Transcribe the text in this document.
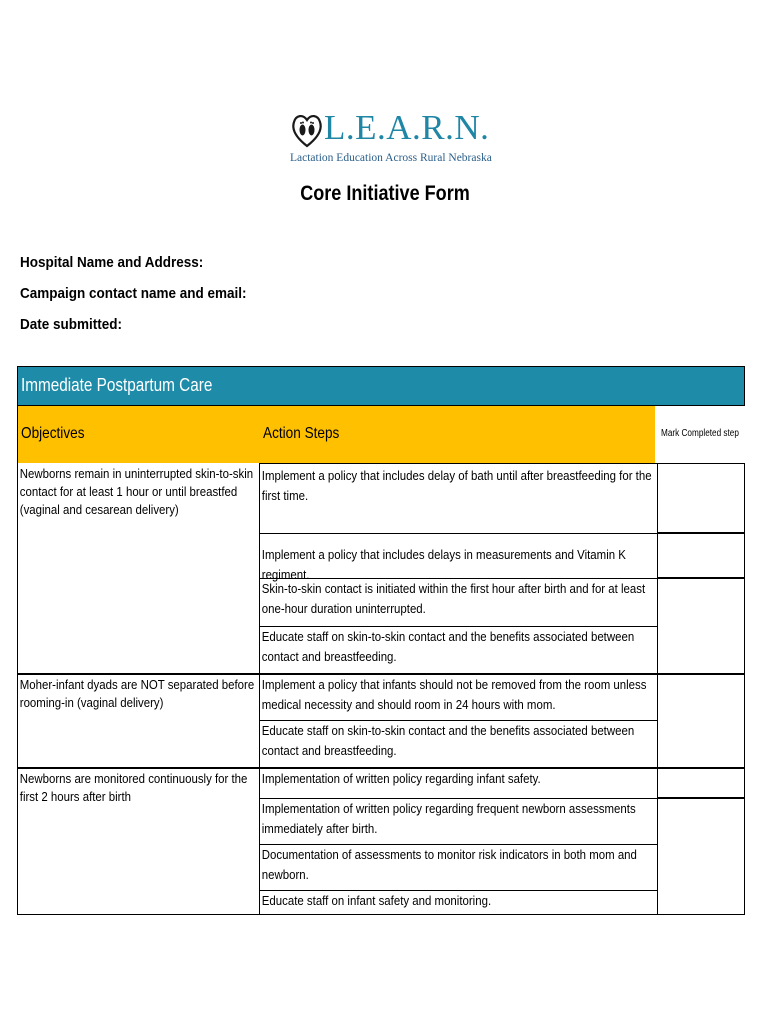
L.E.A.R.N.
Lactation Education Across Rural Nebraska
Core Initiative Form
Hospital Name and Address:
Campaign contact name and email:
Date submitted:
Immediate Postpartum Care
Objectives	Action Steps	Mark Completed step
Newborns remain in uninterrupted skin-to-skin contact for at least 1 hour or until breastfed (vaginal and cesarean delivery)
Moher-infant dyads are NOT separated before rooming-in (vaginal delivery)
Newborns are monitored continuously for the first 2 hours after birth
Implement a policy that includes delay of bath until after breastfeeding for the first time.
Implement a policy that includes delays in measurements and Vitamin K regiment.
Skin-to-skin contact is initiated within the first hour after birth and for at least one-hour duration uninterrupted.
Educate staff on skin-to-skin contact and the benefits associated between contact and breastfeeding.
Implement a policy that infants should not be removed from the room unless medical necessity and should room in 24 hours with mom.
Educate staff on skin-to-skin contact and the benefits associated between contact and breastfeeding.
Implementation of written policy regarding infant safety.
Implementation of written policy regarding frequent newborn assessments immediately after birth.
Documentation of assessments to monitor risk indicators in both mom and newborn.
Educate staff on infant safety and monitoring.
